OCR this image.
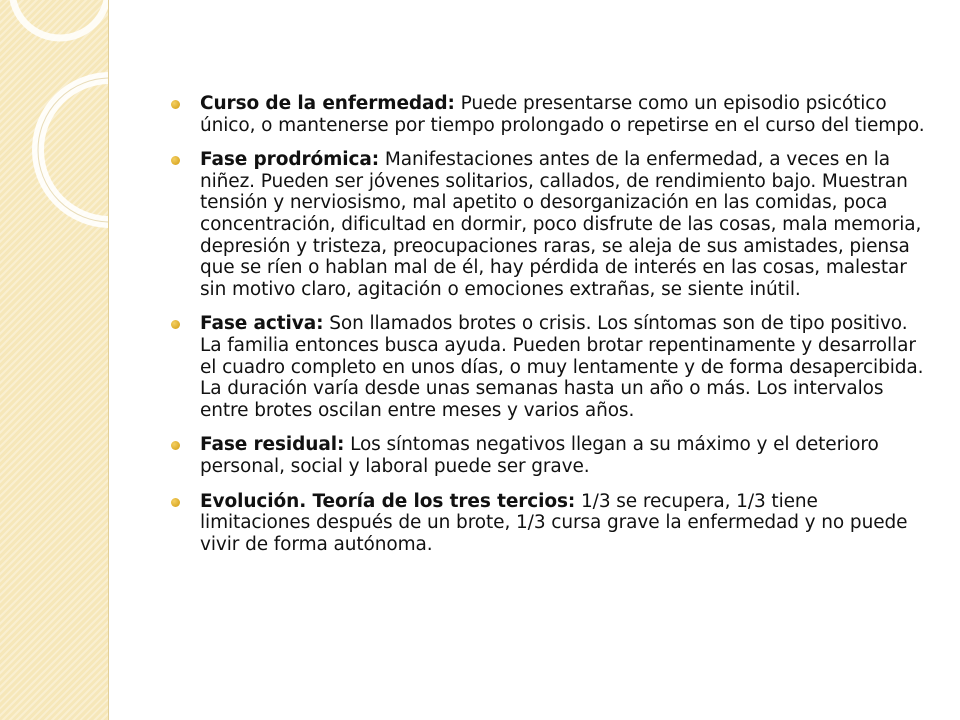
Curso de la enfermedad: Puede presentarse como un episodio psicótico único, o mantenerse por tiempo prolongado o repetirse en el curso del tiempo.
Fase prodrómica: Manifestaciones antes de la enfermedad, a veces en la niñez. Pueden ser jóvenes solitarios, callados, de rendimiento bajo. Muestran tensión y nerviosismo, mal apetito o desorganización en las comidas, poca concentración, dificultad en dormir, poco disfrute de las cosas, mala memoria, depresión y tristeza, preocupaciones raras, se aleja de sus amistades, piensa que se ríen o hablan mal de él, hay pérdida de interés en las cosas, malestar sin motivo claro, agitación o emociones extrañas, se siente inútil.
Fase activa: Son llamados brotes o crisis. Los síntomas son de tipo positivo. La familia entonces busca ayuda. Pueden brotar repentinamente y desarrollar el cuadro completo en unos días, o muy lentamente y de forma desapercibida. La duración varía desde unas semanas hasta un año o más. Los intervalos entre brotes oscilan entre meses y varios años.
Fase residual: Los síntomas negativos llegan a su máximo y el deterioro personal, social y laboral puede ser grave.
Evolución. Teoría de los tres tercios: 1/3 se recupera, 1/3 tiene limitaciones después de un brote, 1/3 cursa grave la enfermedad y no puede vivir de forma autónoma.
